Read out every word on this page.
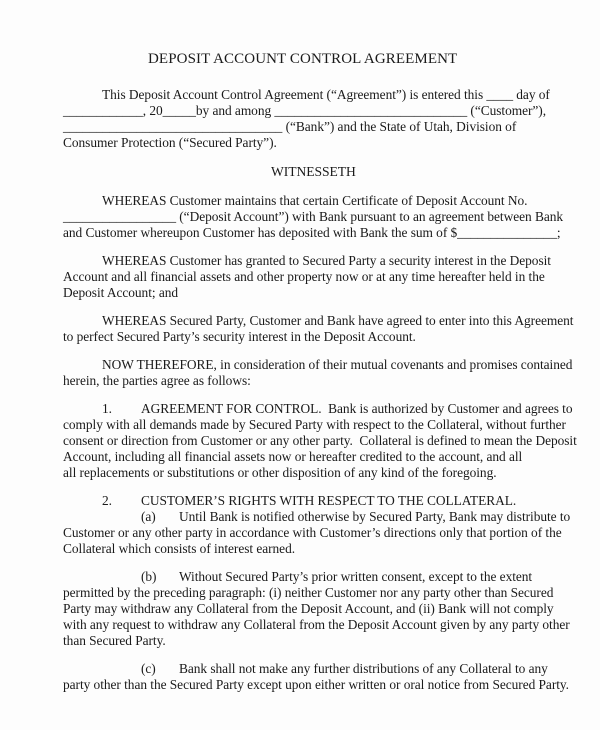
DEPOSIT ACCOUNT CONTROL AGREEMENT
This Deposit Account Control Agreement (“Agreement”) is entered this ____ day of
____________, 20_____by and among _____________________________ (“Customer”),
_________________________________ (“Bank”) and the State of Utah, Division of
Consumer Protection (“Secured Party”).
WITNESSETH
WHEREAS Customer maintains that certain Certificate of Deposit Account No.
_________________ (“Deposit Account”) with Bank pursuant to an agreement between Bank
and Customer whereupon Customer has deposited with Bank the sum of $_______________;
WHEREAS Customer has granted to Secured Party a security interest in the Deposit
Account and all financial assets and other property now or at any time hereafter held in the
Deposit Account; and
WHEREAS Secured Party, Customer and Bank have agreed to enter into this Agreement
to perfect Secured Party’s security interest in the Deposit Account.
NOW THEREFORE, in consideration of their mutual covenants and promises contained
herein, the parties agree as follows:
1. AGREEMENT FOR CONTROL.  Bank is authorized by Customer and agrees to
comply with all demands made by Secured Party with respect to the Collateral, without further
consent or direction from Customer or any other party.  Collateral is defined to mean the Deposit
Account, including all financial assets now or hereafter credited to the account, and all
all replacements or substitutions or other disposition of any kind of the foregoing.
2. CUSTOMER’S RIGHTS WITH RESPECT TO THE COLLATERAL.
(a) Until Bank is notified otherwise by Secured Party, Bank may distribute to
Customer or any other party in accordance with Customer’s directions only that portion of the
Collateral which consists of interest earned.
(b) Without Secured Party’s prior written consent, except to the extent
permitted by the preceding paragraph: (i) neither Customer nor any party other than Secured
Party may withdraw any Collateral from the Deposit Account, and (ii) Bank will not comply
with any request to withdraw any Collateral from the Deposit Account given by any party other
than Secured Party.
(c) Bank shall not make any further distributions of any Collateral to any
party other than the Secured Party except upon either written or oral notice from Secured Party.
